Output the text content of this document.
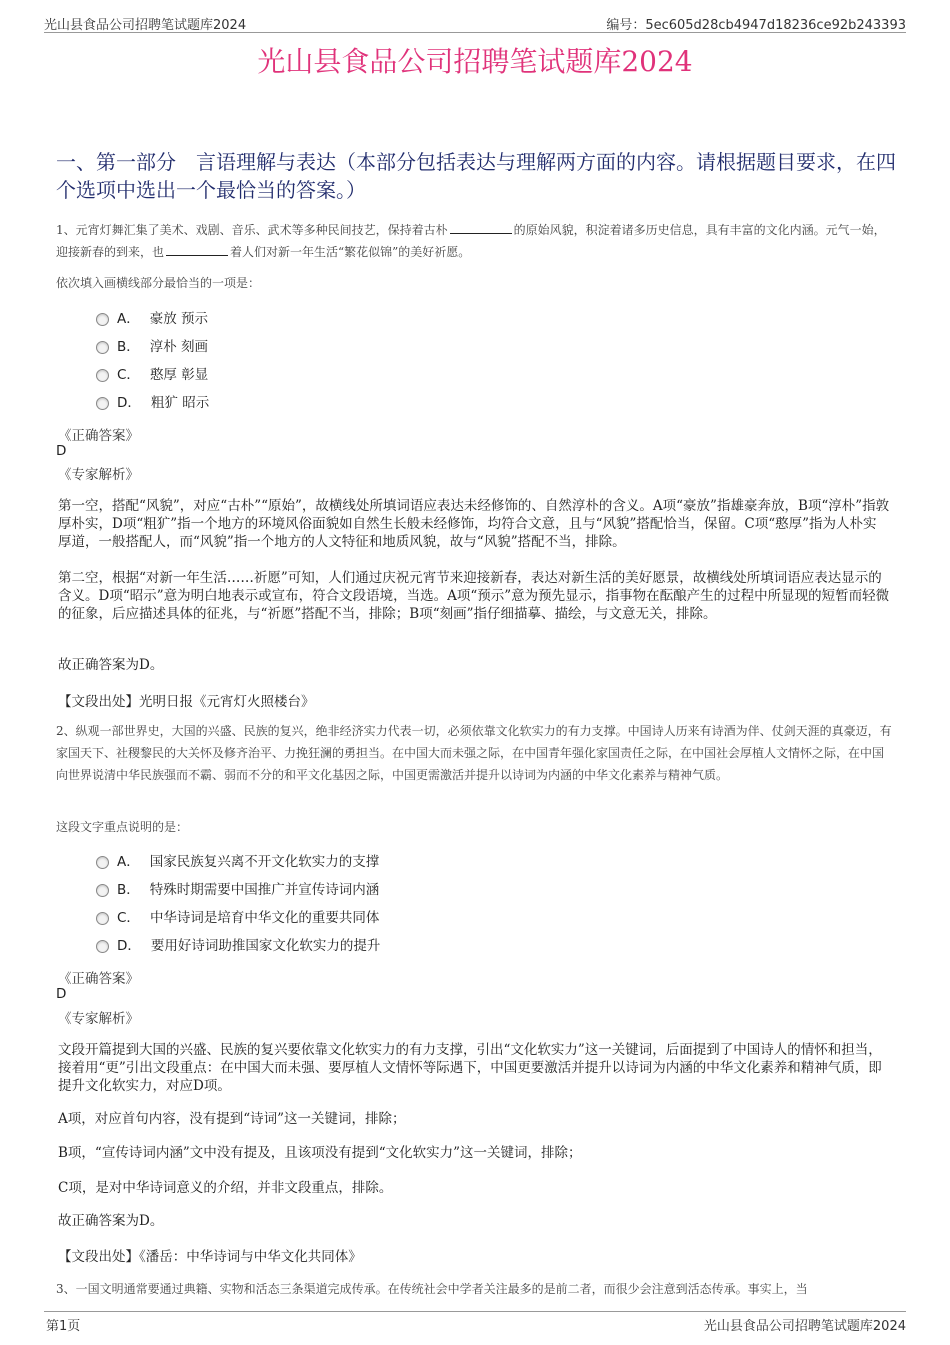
光山县食品公司招聘笔试题库2024	编号：5ec605d28cb4947d18236ce92b243393
光山县食品公司招聘笔试题库2024
一、第一部分　言语理解与表达（本部分包括表达与理解两方面的内容。请根据题目要求，在四个选项中选出一个最恰当的答案。）
1、元宵灯舞汇集了美术、戏剧、音乐、武术等多种民间技艺，保持着古朴	的原始风貌，积淀着诸多历史信息，具有丰富的文化内涵。元气一始，迎接新春的到来，也	着人们对新一年生活“繁花似锦”的美好祈愿。
依次填入画横线部分最恰当的一项是：
A． 豪放 预示
B． 淳朴 刻画
C． 憨厚 彰显
D． 粗犷 昭示
《正确答案》
D
《专家解析》
第一空，搭配“风貌”，对应“古朴”“原始”，故横线处所填词语应表达未经修饰的、自然淳朴的含义。A项“豪放”指雄豪奔放，B项“淳朴”指敦厚朴实，D项“粗犷”指一个地方的环境风俗面貌如自然生长般未经修饰，均符合文意，且与“风貌”搭配恰当，保留。C项“憨厚”指为人朴实厚道，一般搭配人，而“风貌”指一个地方的人文特征和地质风貌，故与“风貌”搭配不当，排除。
第二空，根据“对新一年生活……祈愿”可知，人们通过庆祝元宵节来迎接新春，表达对新生活的美好愿景，故横线处所填词语应表达显示的含义。D项“昭示”意为明白地表示或宣布，符合文段语境，当选。A项“预示”意为预先显示，指事物在酝酿产生的过程中所显现的短暂而轻微的征象，后应描述具体的征兆，与“祈愿”搭配不当，排除；B项“刻画”指仔细描摹、描绘，与文意无关，排除。
故正确答案为D。
【文段出处】光明日报《元宵灯火照楼台》
2、纵观一部世界史，大国的兴盛、民族的复兴，绝非经济实力代表一切，必须依靠文化软实力的有力支撑。中国诗人历来有诗酒为伴、仗剑天涯的真豪迈，有家国天下、社稷黎民的大关怀及修齐治平、力挽狂澜的勇担当。在中国大而未强之际，在中国青年强化家国责任之际，在中国社会厚植人文情怀之际，在中国向世界说清中华民族强而不霸、弱而不分的和平文化基因之际，中国更需激活并提升以诗词为内涵的中华文化素养与精神气质。
这段文字重点说明的是：
A． 国家民族复兴离不开文化软实力的支撑
B． 特殊时期需要中国推广并宣传诗词内涵
C． 中华诗词是培育中华文化的重要共同体
D． 要用好诗词助推国家文化软实力的提升
《正确答案》
D
《专家解析》
文段开篇提到大国的兴盛、民族的复兴要依靠文化软实力的有力支撑，引出“文化软实力”这一关键词，后面提到了中国诗人的情怀和担当，接着用“更”引出文段重点：在中国大而未强、要厚植人文情怀等际遇下，中国更要激活并提升以诗词为内涵的中华文化素养和精神气质，即提升文化软实力，对应D项。
A项，对应首句内容，没有提到“诗词”这一关键词，排除；
B项，“宣传诗词内涵”文中没有提及，且该项没有提到“文化软实力”这一关键词，排除；
C项，是对中华诗词意义的介绍，并非文段重点，排除。
故正确答案为D。
【文段出处】《潘岳：中华诗词与中华文化共同体》
3、一国文明通常要通过典籍、实物和活态三条渠道完成传承。在传统社会中学者关注最多的是前二者，而很少会注意到活态传承。事实上，当
第1页	光山县食品公司招聘笔试题库2024
